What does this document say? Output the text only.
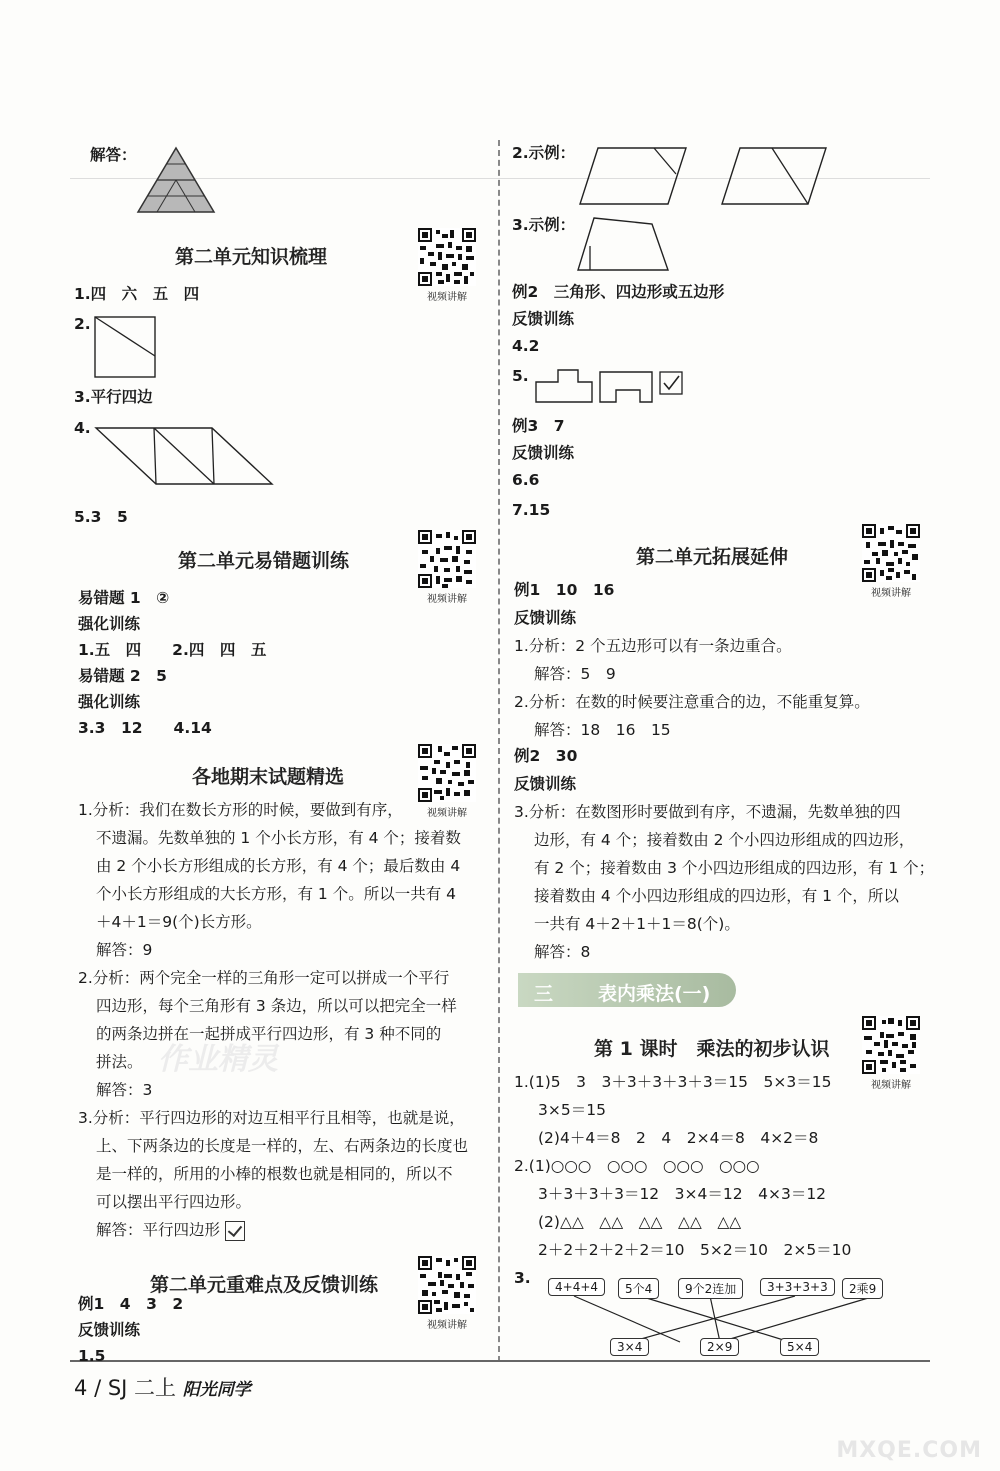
解答：
第二单元知识梳理
视频讲解
1.四　六　五　四
2.
3.平行四边
4.
5.3　5
第二单元易错题训练
视频讲解
易错题 1　②
强化训练
1.五　四　　2.四　四　五
易错题 2　5
强化训练
3.3　12　　4.14
各地期末试题精选
视频讲解
1.分析：我们在数长方形的时候，要做到有序，
不遗漏。先数单独的 1 个小长方形，有 4 个；接着数
由 2 个小长方形组成的长方形，有 4 个；最后数由 4
个小长方形组成的大长方形，有 1 个。所以一共有 4
＋4＋1＝9(个)长方形。
解答：9
2.分析：两个完全一样的三角形一定可以拼成一个平行
四边形，每个三角形有 3 条边，所以可以把完全一样
的两条边拼在一起拼成平行四边形，有 3 种不同的
拼法。 作业精灵
解答：3
3.分析：平行四边形的对边互相平行且相等，也就是说，
上、下两条边的长度是一样的，左、右两条边的长度也
是一样的，所用的小棒的根数也就是相同的，所以不
可以摆出平行四边形。
解答：平行四边形
第二单元重难点及反馈训练
视频讲解
例1　4　3　2
反馈训练
1.5
2.示例：
3.示例：
例2　三角形、四边形或五边形
反馈训练
4.2
5.
例3　7
反馈训练
6.6
7.15
第二单元拓展延伸
视频讲解
例1　10　16
反馈训练
1.分析：2 个五边形可以有一条边重合。
解答：5　9
2.分析：在数的时候要注意重合的边，不能重复算。
解答：18　16　15
例2　30
反馈训练
3.分析：在数图形时要做到有序，不遗漏，先数单独的四
边形，有 4 个；接着数由 2 个小四边形组成的四边形，
有 2 个；接着数由 3 个小四边形组成的四边形，有 1 个；
接着数由 4 个小四边形组成的四边形，有 1 个，所以
一共有 4＋2＋1＋1＝8(个)。
解答：8
三 表内乘法(一)
第 1 课时　乘法的初步认识
视频讲解
1.(1)5　3　3＋3＋3＋3＋3＝15　5×3＝15
3×5＝15
(2)4＋4＝8　2　4　2×4＝8　4×2＝8
2.(1)○○○　○○○　○○○　○○○
3＋3＋3＋3＝12　3×4＝12　4×3＝12
(2)△△　△△　△△　△△　△△
2＋2＋2＋2＋2＝10　5×2＝10　2×5＝10
3.	4+4+4	5个4	9个2连加	3+3+3+3	2乘9
3×4	2×9	5×4
4 / SJ 二上 阳光同学
MXQE.COM
